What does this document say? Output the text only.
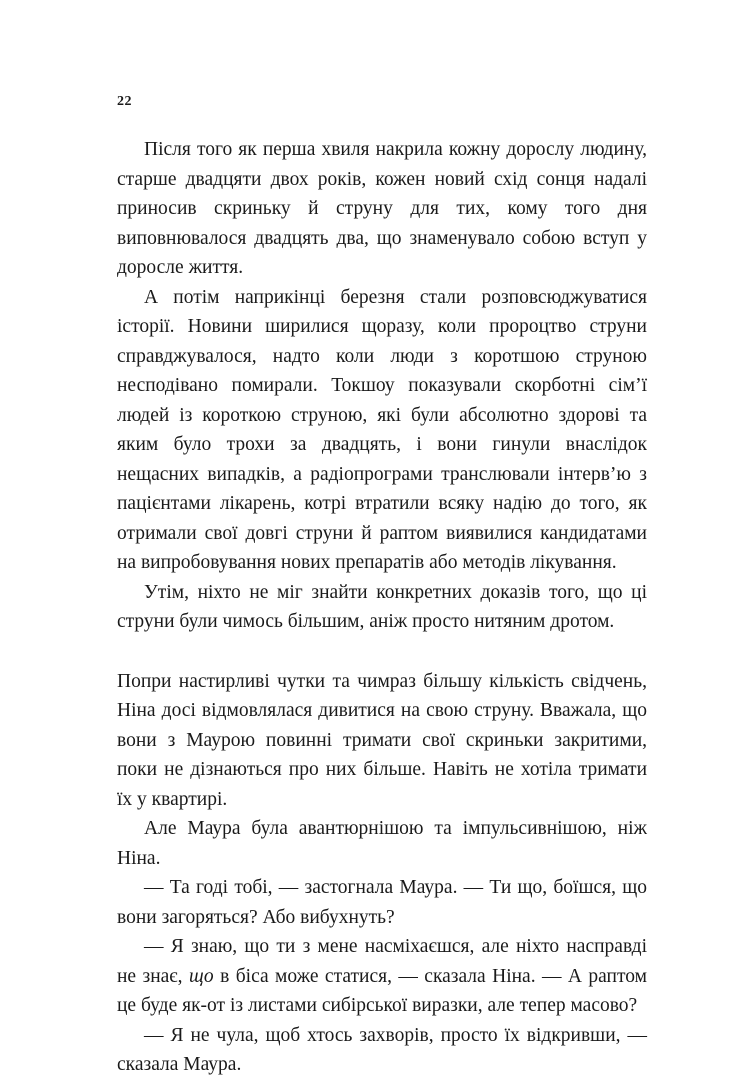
22

Після того як перша хвиля накрила кожну дорослу людину, старше двадцяти двох років, кожен новий схід сонця надалі приносив скриньку й струну для тих, кому того дня виповнювалося двадцять два, що знаменувало собою вступ у доросле життя.

А потім наприкінці березня стали розповсюджуватися історії. Новини ширилися щоразу, коли пророцтво струни справджувалося, надто коли люди з коротшою струною несподівано помирали. Токшоу показували скорботні сім’ї людей із короткою струною, які були абсолютно здорові та яким було трохи за двадцять, і вони гинули внаслідок нещасних випадків, а радіопрограми транслювали інтерв’ю з пацієнтами лікарень, котрі втратили всяку надію до того, як отримали свої довгі струни й раптом виявилися кандидатами на випробовування нових препаратів або методів лікування.

Утім, ніхто не міг знайти конкретних доказів того, що ці струни були чимось більшим, аніж просто нитяним дротом.

Попри настирливі чутки та чимраз більшу кількість свідчень, Ніна досі відмовлялася дивитися на свою струну. Вважала, що вони з Маурою повинні тримати свої скриньки закритими, поки не дізнаються про них більше. Навіть не хотіла тримати їх у квартирі.

Але Маура була авантюрнішою та імпульсивнішою, ніж Ніна.

— Та годі тобі, — застогнала Маура. — Ти що, боїшся, що вони загоряться? Або вибухнуть?

— Я знаю, що ти з мене насміхаєшся, але ніхто насправді не знає, що в біса може статися, — сказала Ніна. — А раптом це буде як-от із листами сибірської виразки, але тепер масово?

— Я не чула, щоб хтось захворів, просто їх відкривши, — сказала Маура.
